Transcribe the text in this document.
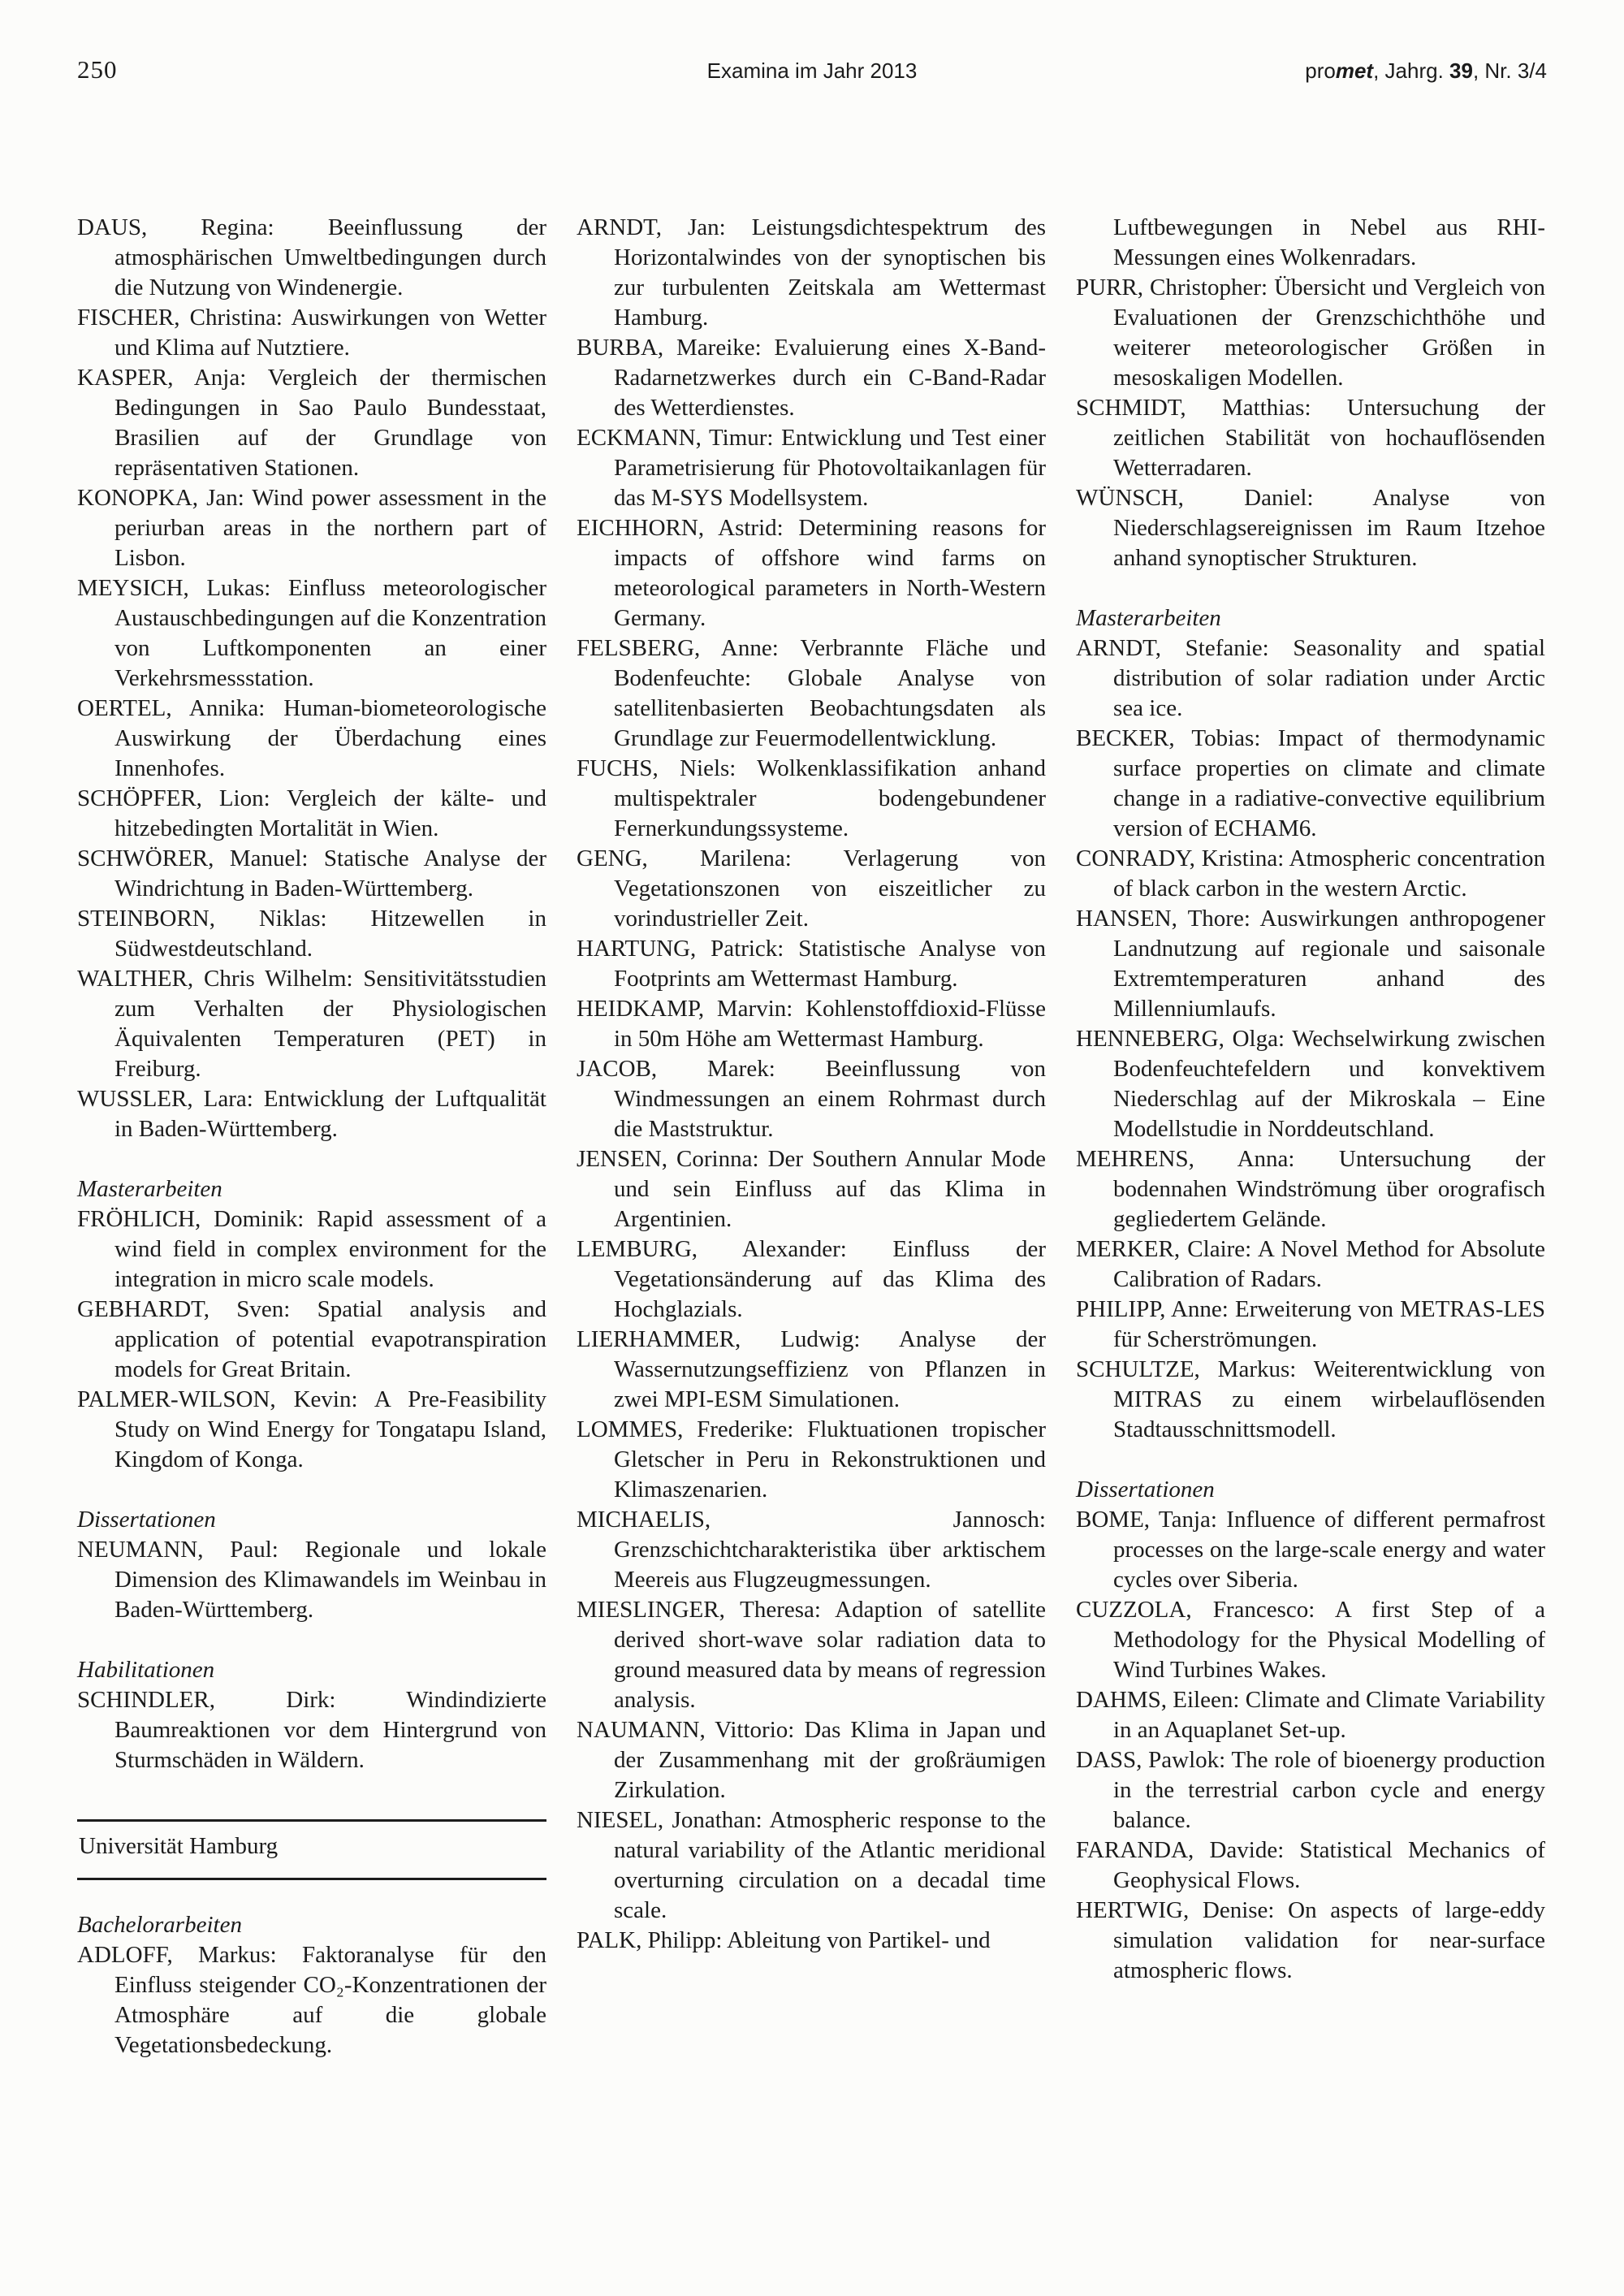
250	Examina im Jahr 2013	promet, Jahrg. 39, Nr. 3/4
DAUS, Regina: Beeinflussung der atmosphärischen Umweltbedingungen durch die Nutzung von Windenergie.
FISCHER, Christina: Auswirkungen von Wetter und Klima auf Nutztiere.
KASPER, Anja: Vergleich der thermischen Bedingungen in Sao Paulo Bundesstaat, Brasilien auf der Grundlage von repräsentativen Stationen.
KONOPKA, Jan: Wind power assessment in the periurban areas in the northern part of Lisbon.
MEYSICH, Lukas: Einfluss meteorologischer Austauschbedingungen auf die Konzentration von Luftkomponenten an einer Verkehrsmessstation.
OERTEL, Annika: Human-biometeorologische Auswirkung der Überdachung eines Innenhofes.
SCHÖPFER, Lion: Vergleich der kälte- und hitzebedingten Mortalität in Wien.
SCHWÖRER, Manuel: Statische Analyse der Windrichtung in Baden-Württemberg.
STEINBORN, Niklas: Hitzewellen in Südwestdeutschland.
WALTHER, Chris Wilhelm: Sensitivitätsstudien zum Verhalten der Physiologischen Äquivalenten Temperaturen (PET) in Freiburg.
WUSSLER, Lara: Entwicklung der Luftqualität in Baden-Württemberg.
Masterarbeiten
FRÖHLICH, Dominik: Rapid assessment of a wind field in complex environment for the integration in micro scale models.
GEBHARDT, Sven: Spatial analysis and application of potential evapotranspiration models for Great Britain.
PALMER-WILSON, Kevin: A Pre-Feasibility Study on Wind Energy for Tongatapu Island, Kingdom of Konga.
Dissertationen
NEUMANN, Paul: Regionale und lokale Dimension des Klimawandels im Weinbau in Baden-Württemberg.
Habilitationen
SCHINDLER, Dirk: Windindizierte Baumreaktionen vor dem Hintergrund von Sturmschäden in Wäldern.
Universität Hamburg
Bachelorarbeiten
ADLOFF, Markus: Faktoranalyse für den Einfluss steigender CO₂-Konzentrationen der Atmosphäre auf die globale Vegetationsbedeckung.
ARNDT, Jan: Leistungsdichtespektrum des Horizontalwindes von der synoptischen bis zur turbulenten Zeitskala am Wettermast Hamburg.
BURBA, Mareike: Evaluierung eines X-Band-Radarnetzwerkes durch ein C-Band-Radar des Wetterdienstes.
ECKMANN, Timur: Entwicklung und Test einer Parametrisierung für Photovoltaikanlagen für das M-SYS Modellsystem.
EICHHORN, Astrid: Determining reasons for impacts of offshore wind farms on meteorological parameters in North-Western Germany.
FELSBERG, Anne: Verbrannte Fläche und Bodenfeuchte: Globale Analyse von satellitenbasierten Beobachtungsdaten als Grundlage zur Feuermodellentwicklung.
FUCHS, Niels: Wolkenklassifikation anhand multispektraler bodengebundener Fernerkundungssysteme.
GENG, Marilena: Verlagerung von Vegetationszonen von eiszeitlicher zu vorindustrieller Zeit.
HARTUNG, Patrick: Statistische Analyse von Footprints am Wettermast Hamburg.
HEIDKAMP, Marvin: Kohlenstoffdioxid-Flüsse in 50m Höhe am Wettermast Hamburg.
JACOB, Marek: Beeinflussung von Windmessungen an einem Rohrmast durch die Maststruktur.
JENSEN, Corinna: Der Southern Annular Mode und sein Einfluss auf das Klima in Argentinien.
LEMBURG, Alexander: Einfluss der Vegetationsänderung auf das Klima des Hochglazials.
LIERHAMMER, Ludwig: Analyse der Wassernutzungseffizienz von Pflanzen in zwei MPI-ESM Simulationen.
LOMMES, Frederike: Fluktuationen tropischer Gletscher in Peru in Rekonstruktionen und Klimaszenarien.
MICHAELIS, Jannosch: Grenzschichtcharakteristika über arktischem Meereis aus Flugzeugmessungen.
MIESLINGER, Theresa: Adaption of satellite derived short-wave solar radiation data to ground measured data by means of regression analysis.
NAUMANN, Vittorio: Das Klima in Japan und der Zusammenhang mit der großräumigen Zirkulation.
NIESEL, Jonathan: Atmospheric response to the natural variability of the Atlantic meridional overturning circulation on a decadal time scale.
PALK, Philipp: Ableitung von Partikel- und
Luftbewegungen in Nebel aus RHI-Messungen eines Wolkenradars.
PURR, Christopher: Übersicht und Vergleich von Evaluationen der Grenzschichthöhe und weiterer meteorologischer Größen in mesoskaligen Modellen.
SCHMIDT, Matthias: Untersuchung der zeitlichen Stabilität von hochauflösenden Wetterradaren.
WÜNSCH, Daniel: Analyse von Niederschlagsereignissen im Raum Itzehoe anhand synoptischer Strukturen.
Masterarbeiten
ARNDT, Stefanie: Seasonality and spatial distribution of solar radiation under Arctic sea ice.
BECKER, Tobias: Impact of thermodynamic surface properties on climate and climate change in a radiative-convective equilibrium version of ECHAM6.
CONRADY, Kristina: Atmospheric concentration of black carbon in the western Arctic.
HANSEN, Thore: Auswirkungen anthropogener Landnutzung auf regionale und saisonale Extremtemperaturen anhand des Millenniumlaufs.
HENNEBERG, Olga: Wechselwirkung zwischen Bodenfeuchtefeldern und konvektivem Niederschlag auf der Mikroskala – Eine Modellstudie in Norddeutschland.
MEHRENS, Anna: Untersuchung der bodennahen Windströmung über orografisch gegliedertem Gelände.
MERKER, Claire: A Novel Method for Absolute Calibration of Radars.
PHILIPP, Anne: Erweiterung von METRAS-LES für Scherströmungen.
SCHULTZE, Markus: Weiterentwicklung von MITRAS zu einem wirbelauflösenden Stadtausschnittsmodell.
Dissertationen
BOME, Tanja: Influence of different permafrost processes on the large-scale energy and water cycles over Siberia.
CUZZOLA, Francesco: A first Step of a Methodology for the Physical Modelling of Wind Turbines Wakes.
DAHMS, Eileen: Climate and Climate Variability in an Aquaplanet Set-up.
DASS, Pawlok: The role of bioenergy production in the terrestrial carbon cycle and energy balance.
FARANDA, Davide: Statistical Mechanics of Geophysical Flows.
HERTWIG, Denise: On aspects of large-eddy simulation validation for near-surface atmospheric flows.
